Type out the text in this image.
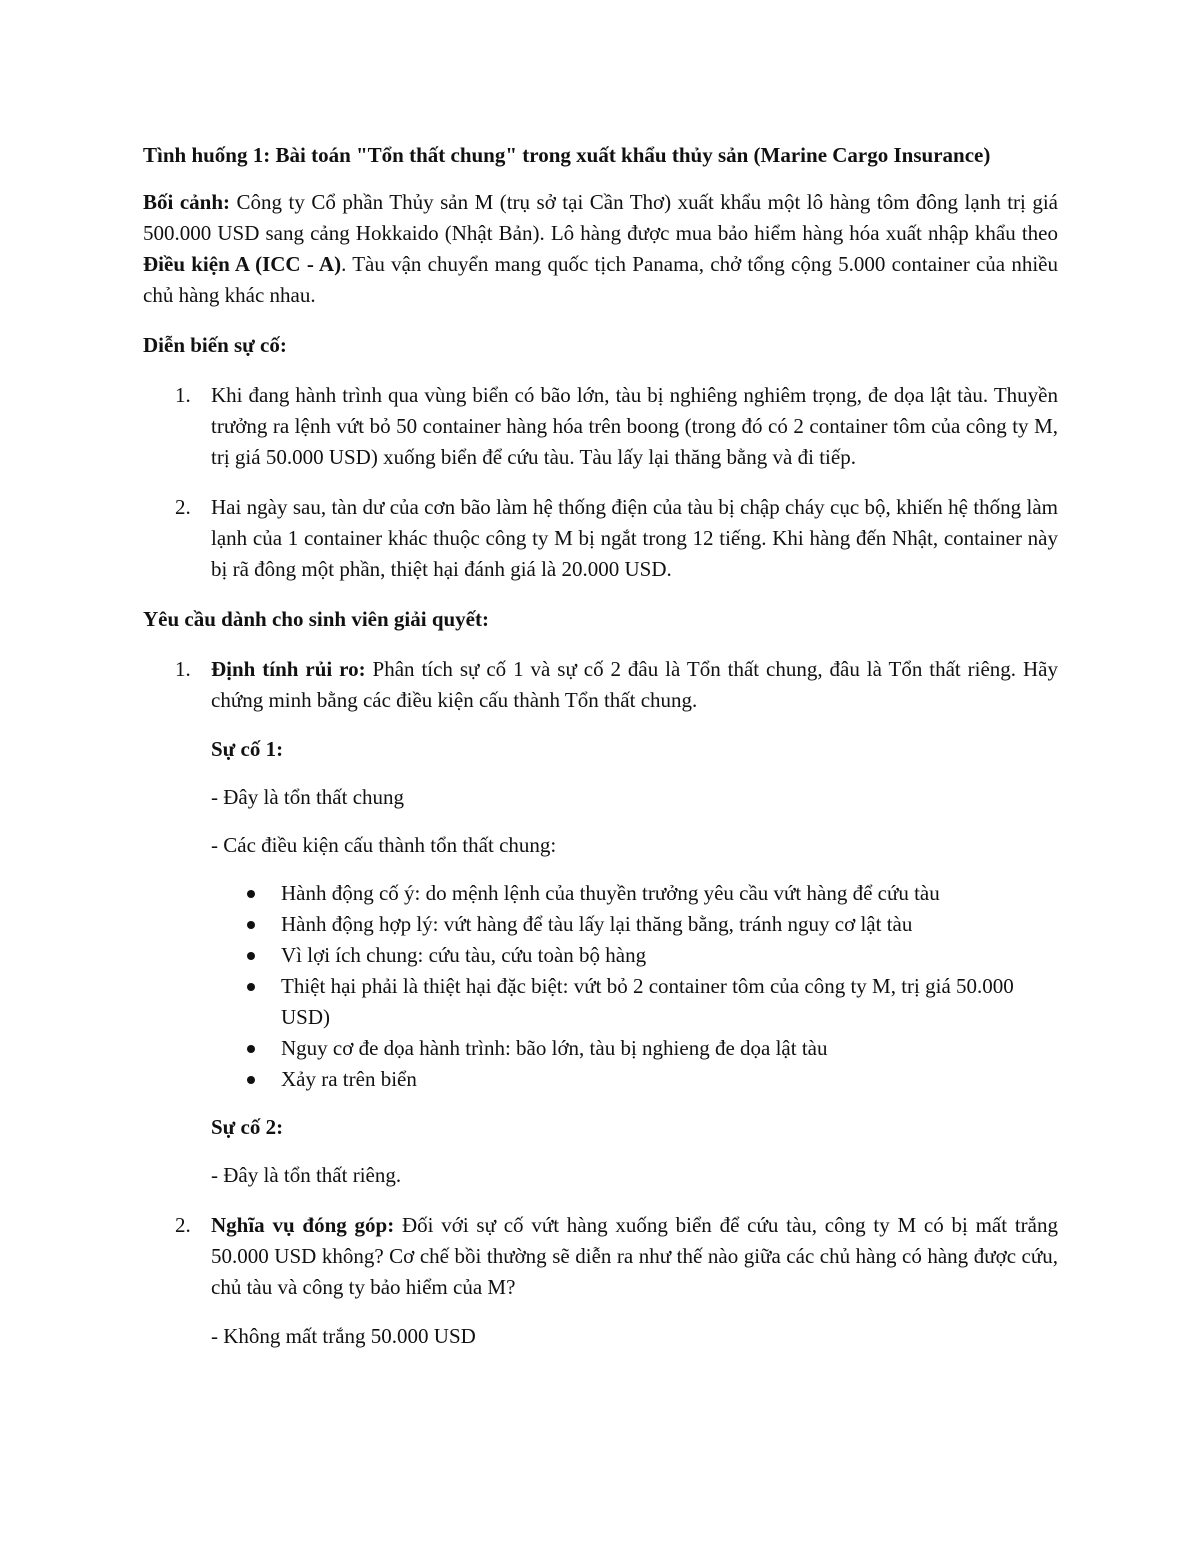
Tình huống 1: Bài toán "Tổn thất chung" trong xuất khẩu thủy sản (Marine Cargo Insurance)

Bối cảnh: Công ty Cổ phần Thủy sản M (trụ sở tại Cần Thơ) xuất khẩu một lô hàng tôm đông lạnh trị giá 500.000 USD sang cảng Hokkaido (Nhật Bản). Lô hàng được mua bảo hiểm hàng hóa xuất nhập khẩu theo Điều kiện A (ICC - A). Tàu vận chuyển mang quốc tịch Panama, chở tổng cộng 5.000 container của nhiều chủ hàng khác nhau.

Diễn biến sự cố:

1. Khi đang hành trình qua vùng biển có bão lớn, tàu bị nghiêng nghiêm trọng, đe dọa lật tàu. Thuyền trưởng ra lệnh vứt bỏ 50 container hàng hóa trên boong (trong đó có 2 container tôm của công ty M, trị giá 50.000 USD) xuống biển để cứu tàu. Tàu lấy lại thăng bằng và đi tiếp.

2. Hai ngày sau, tàn dư của cơn bão làm hệ thống điện của tàu bị chập cháy cục bộ, khiến hệ thống làm lạnh của 1 container khác thuộc công ty M bị ngắt trong 12 tiếng. Khi hàng đến Nhật, container này bị rã đông một phần, thiệt hại đánh giá là 20.000 USD.

Yêu cầu dành cho sinh viên giải quyết:

1. Định tính rủi ro: Phân tích sự cố 1 và sự cố 2 đâu là Tổn thất chung, đâu là Tổn thất riêng. Hãy chứng minh bằng các điều kiện cấu thành Tổn thất chung.

Sự cố 1:

- Đây là tổn thất chung

- Các điều kiện cấu thành tổn thất chung:

Hành động cố ý: do mệnh lệnh của thuyền trưởng yêu cầu vứt hàng để cứu tàu
Hành động hợp lý: vứt hàng để tàu lấy lại thăng bằng, tránh nguy cơ lật tàu
Vì lợi ích chung: cứu tàu, cứu toàn bộ hàng
Thiệt hại phải là thiệt hại đặc biệt: vứt bỏ 2 container tôm của công ty M, trị giá 50.000 USD)
Nguy cơ đe dọa hành trình: bão lớn, tàu bị nghieng đe dọa lật tàu
Xảy ra trên biển

Sự cố 2:

- Đây là tổn thất riêng.

2. Nghĩa vụ đóng góp: Đối với sự cố vứt hàng xuống biển để cứu tàu, công ty M có bị mất trắng 50.000 USD không? Cơ chế bồi thường sẽ diễn ra như thế nào giữa các chủ hàng có hàng được cứu, chủ tàu và công ty bảo hiểm của M?

- Không mất trắng 50.000 USD
